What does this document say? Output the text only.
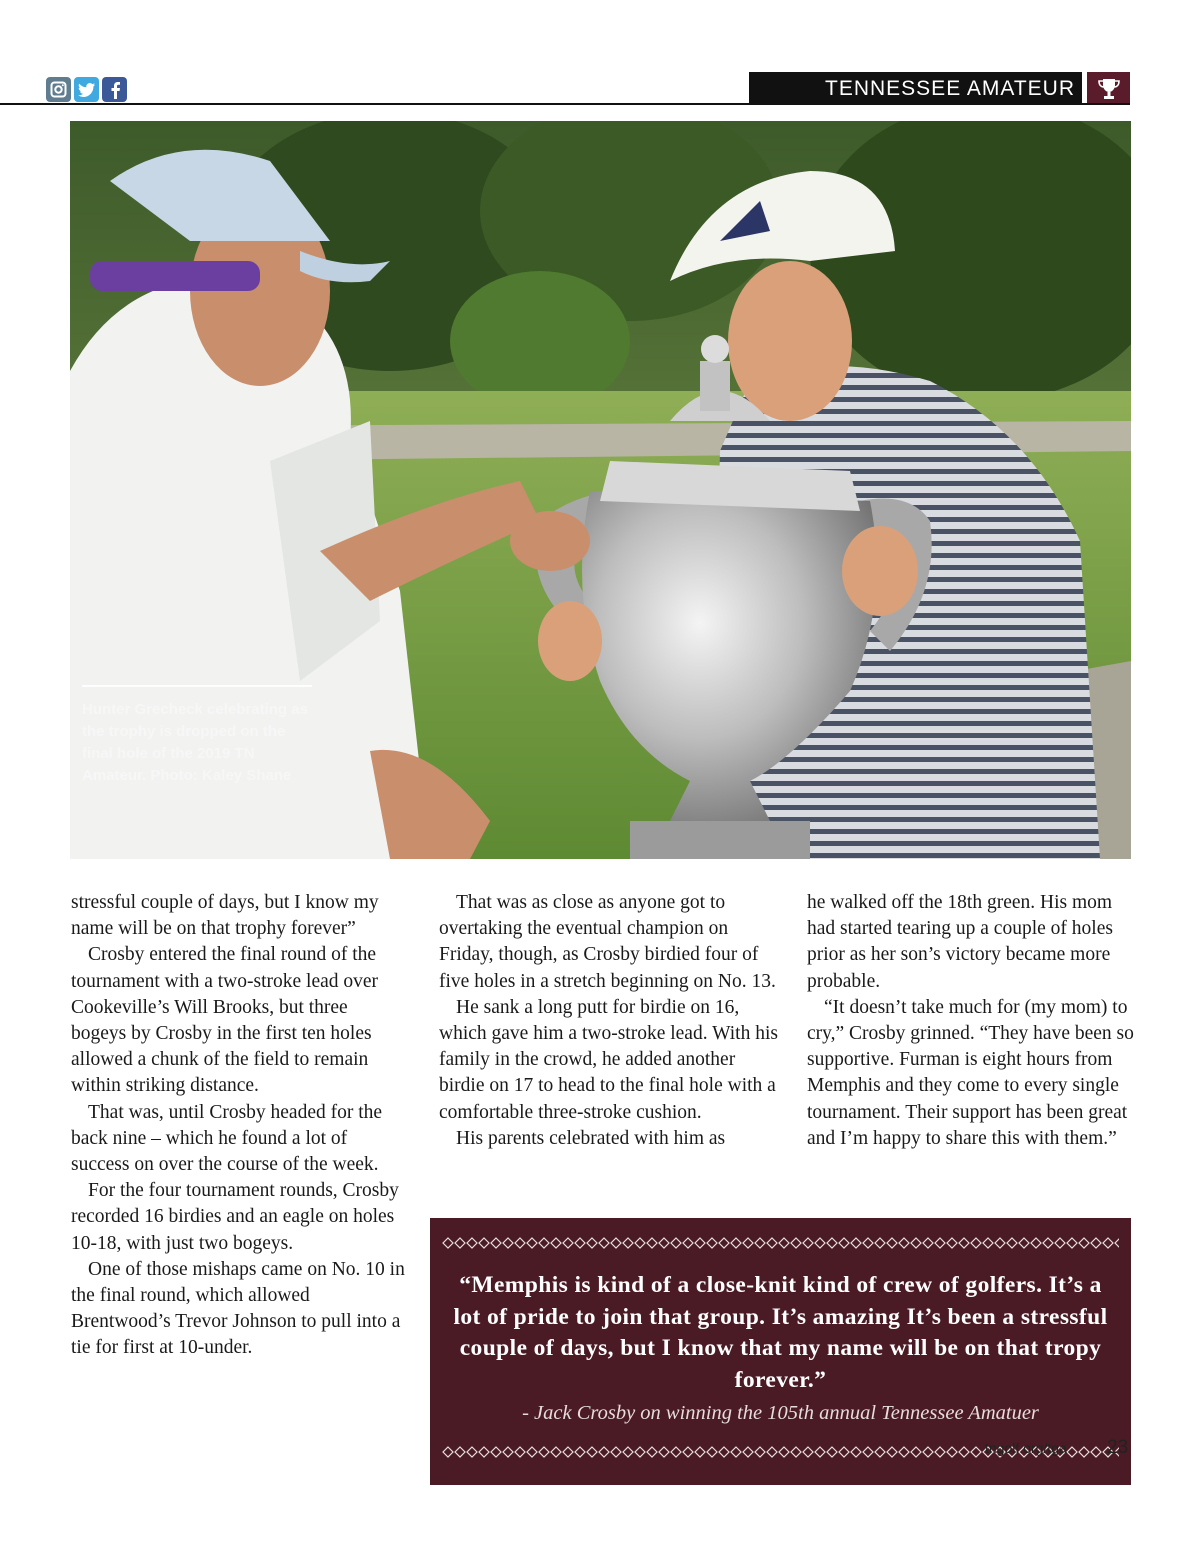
TENNESSEE AMATEUR
Hunter Grecheck celebrating as the trophy is dropped on the final hole of the 2019 TN Amateur. Photo: Kaley Shane

stressful couple of days, but I know my name will be on that trophy forever”

Crosby entered the final round of the tournament with a two-stroke lead over Cookeville’s Will Brooks, but three bogeys by Crosby in the first ten holes allowed a chunk of the field to remain within striking distance.

That was, until Crosby headed for the back nine – which he found a lot of success on over the course of the week.

For the four tournament rounds, Crosby recorded 16 birdies and an eagle on holes 10-18, with just two bogeys.

One of those mishaps came on No. 10 in the final round, which allowed Brentwood’s Trevor Johnson to pull into a tie for first at 10-under.

That was as close as anyone got to overtaking the eventual champion on Friday, though, as Crosby birdied four of five holes in a stretch beginning on No. 13.

He sank a long putt for birdie on 16, which gave him a two-stroke lead. With his family in the crowd, he added another birdie on 17 to head to the final hole with a comfortable three-stroke cushion.

His parents celebrated with him as

he walked off the 18th green. His mom had started tearing up a couple of holes prior as her son’s victory became more probable.

“It doesn’t take much for (my mom) to cry,” Crosby grinned. “They have been so supportive. Furman is eight hours from Memphis and they come to every single tournament. Their support has been great and I’m happy to share this with them.”

“Memphis is kind of a close-knit kind of crew of golfers. It’s a lot of pride to join that group. It’s amazing It’s been a stressful couple of days, but I know that my name will be on that tropy forever.”
- Jack Crosby on winning the 105th annual Tennessee Amatuer
tngolf.org/tga 23
